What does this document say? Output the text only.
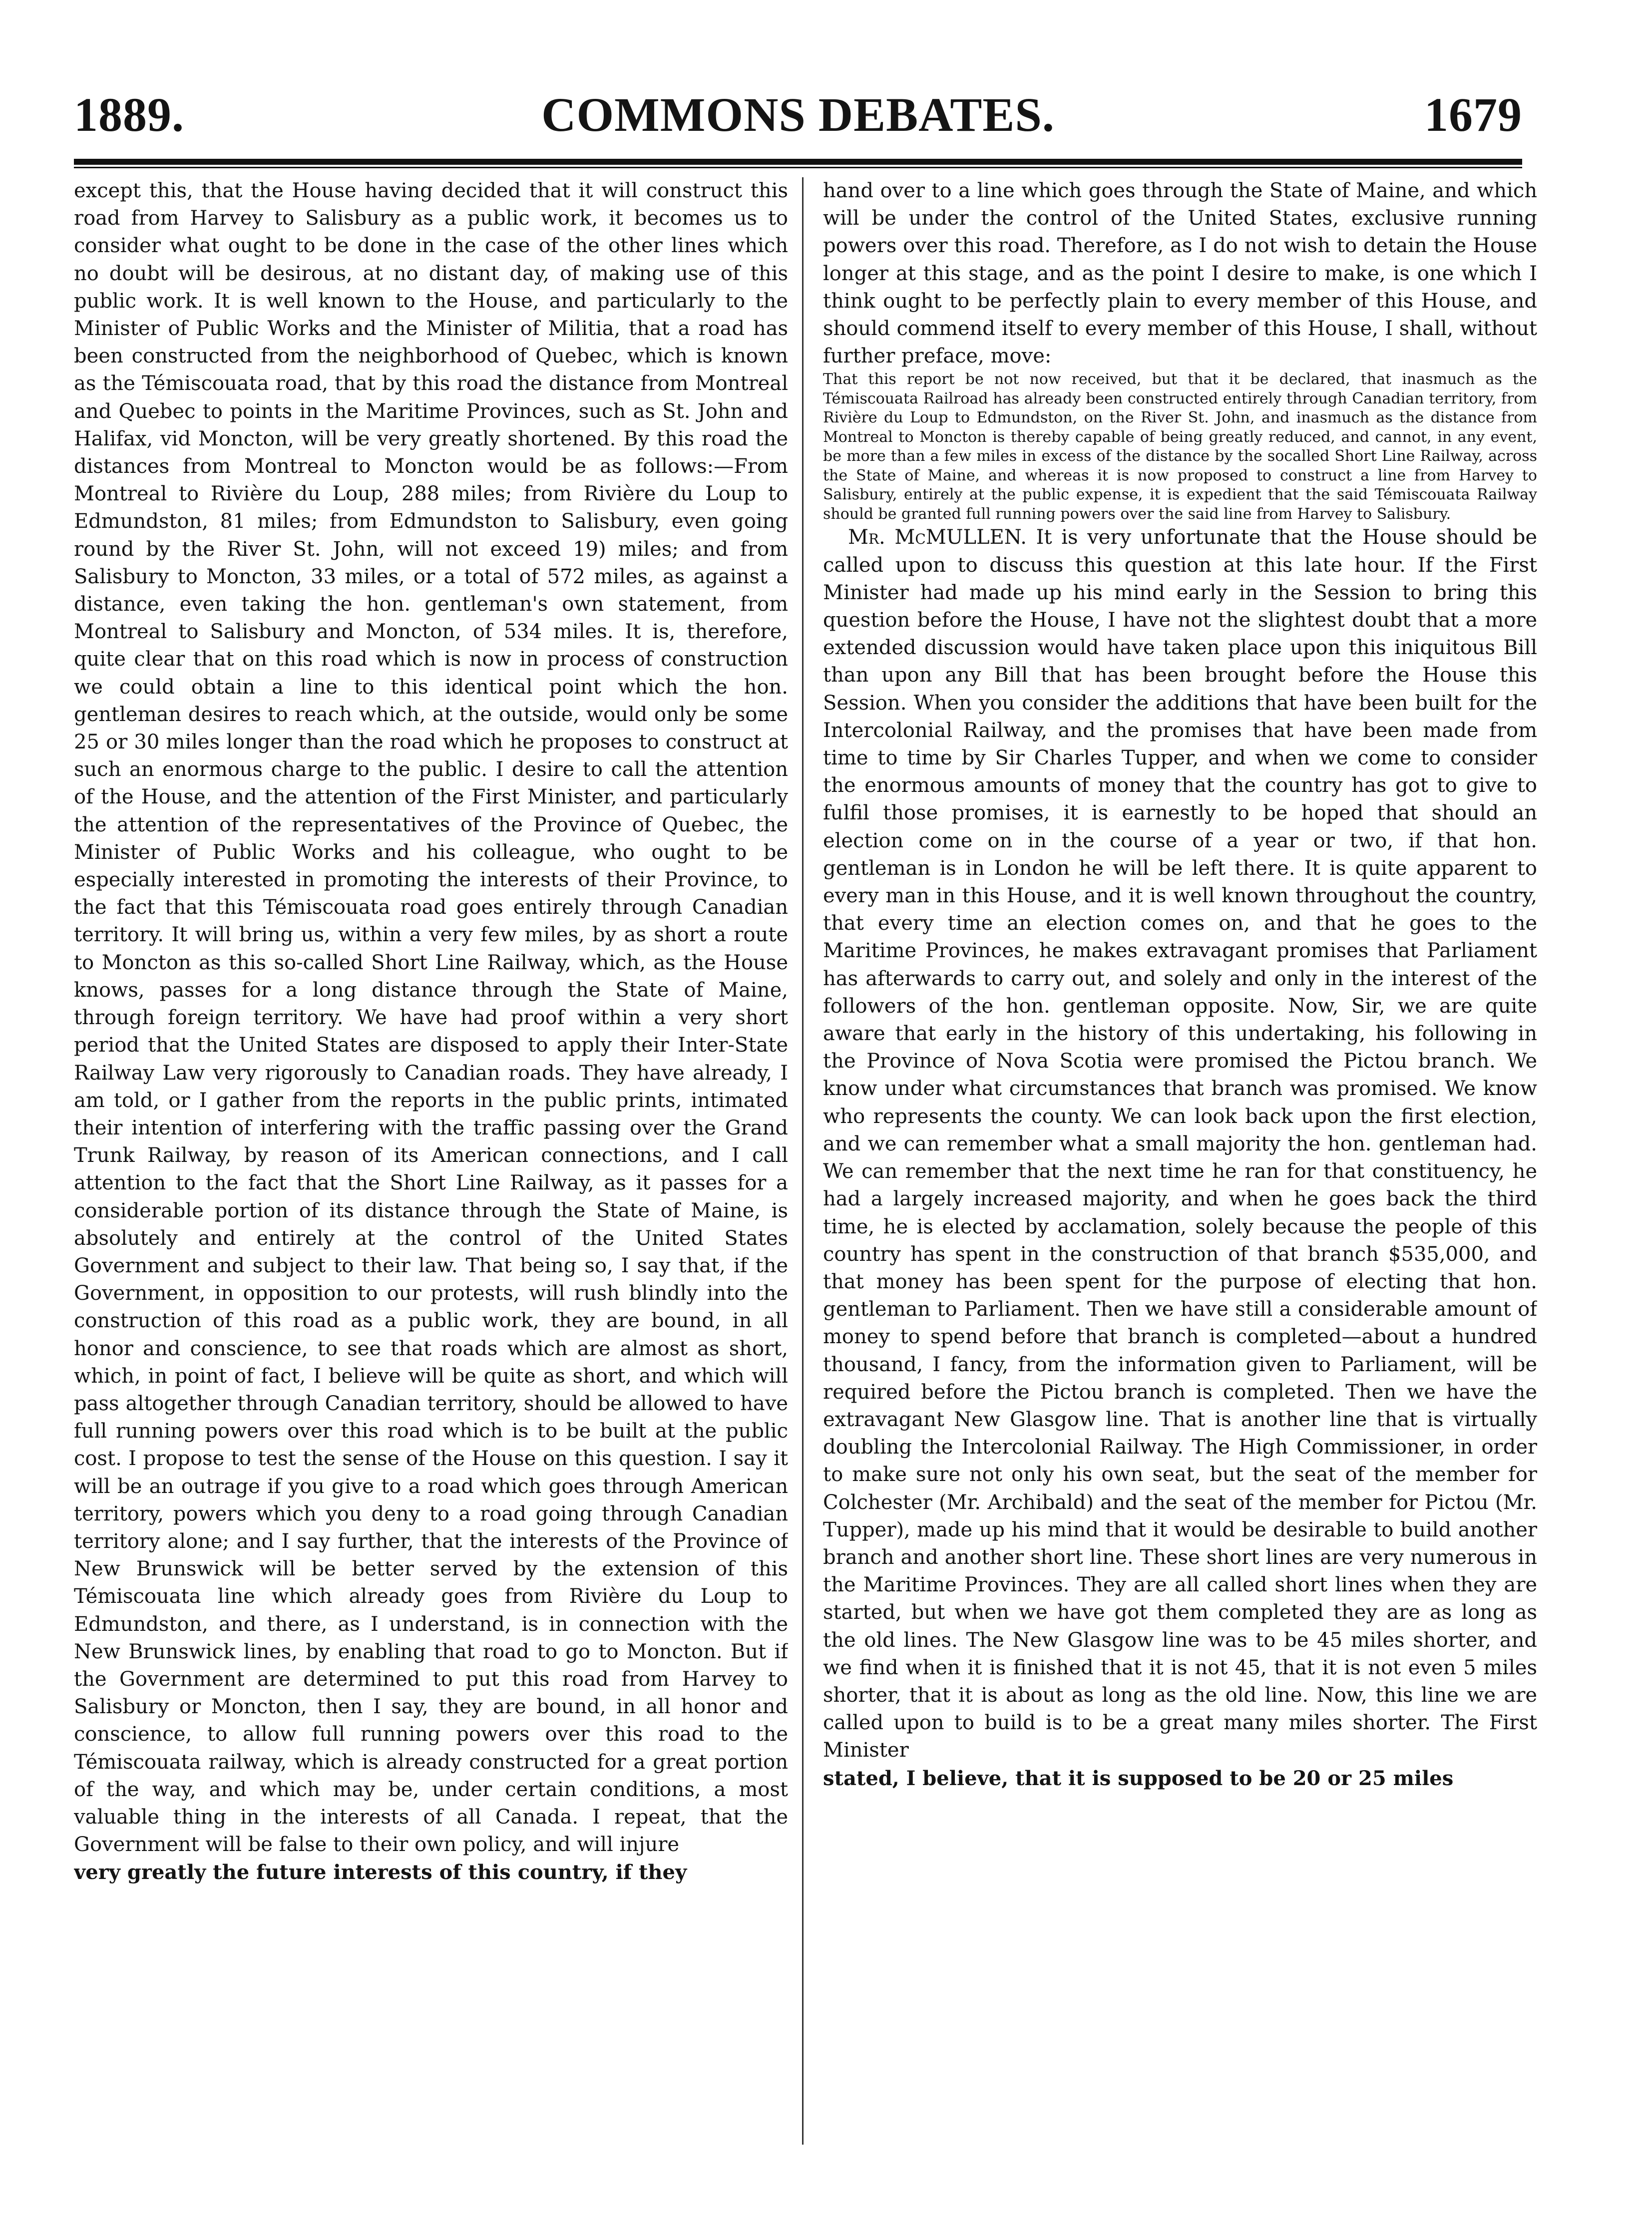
1889.	COMMONS DEBATES.	1679

except this, that the House having decided that it will construct this road from Harvey to Salisbury as a public work, it becomes us to consider what ought to be done in the case of the other lines which no doubt will be desirous, at no distant day, of making use of this public work. It is well known to the House, and particularly to the Minister of Public Works and the Minister of Militia, that a road has been constructed from the neighborhood of Quebec, which is known as the Témiscouata road, that by this road the distance from Montreal and Quebec to points in the Maritime Provinces, such as St. John and Halifax, vid Moncton, will be very greatly shortened. By this road the distances from Montreal to Moncton would be as follows:—From Montreal to Rivière du Loup, 288 miles; from Rivière du Loup to Edmundston, 81 miles; from Edmundston to Salisbury, even going round by the River St. John, will not exceed 19) miles; and from Salisbury to Moncton, 33 miles, or a total of 572 miles, as against a distance, even taking the hon. gentleman's own statement, from Montreal to Salisbury and Moncton, of 534 miles. It is, therefore, quite clear that on this road which is now in process of construction we could obtain a line to this identical point which the hon. gentleman desires to reach which, at the outside, would only be some 25 or 30 miles longer than the road which he proposes to construct at such an enormous charge to the public. I desire to call the attention of the House, and the attention of the First Minister, and particularly the attention of the representatives of the Province of Quebec, the Minister of Public Works and his colleague, who ought to be especially interested in promoting the interests of their Province, to the fact that this Témiscouata road goes entirely through Canadian territory. It will bring us, within a very few miles, by as short a route to Moncton as this so-called Short Line Railway, which, as the House knows, passes for a long distance through the State of Maine, through foreign territory. We have had proof within a very short period that the United States are disposed to apply their Inter-State Railway Law very rigorously to Canadian roads. They have already, I am told, or I gather from the reports in the public prints, intimated their intention of interfering with the traffic passing over the Grand Trunk Railway, by reason of its American connections, and I call attention to the fact that the Short Line Railway, as it passes for a considerable portion of its distance through the State of Maine, is absolutely and entirely at the control of the United States Government and subject to their law. That being so, I say that, if the Government, in opposition to our protests, will rush blindly into the construction of this road as a public work, they are bound, in all honor and conscience, to see that roads which are almost as short, which, in point of fact, I believe will be quite as short, and which will pass altogether through Canadian territory, should be allowed to have full running powers over this road which is to be built at the public cost. I propose to test the sense of the House on this question. I say it will be an outrage if you give to a road which goes through American territory, powers which you deny to a road going through Canadian territory alone; and I say further, that the interests of the Province of New Brunswick will be better served by the extension of this Témiscouata line which already goes from Rivière du Loup to Edmundston, and there, as I understand, is in connection with the New Brunswick lines, by enabling that road to go to Moncton. But if the Government are determined to put this road from Harvey to Salisbury or Moncton, then I say, they are bound, in all honor and conscience, to allow full running powers over this road to the Témiscouata railway, which is already constructed for a great portion of the way, and which may be, under certain conditions, a most valuable thing in the interests of all Canada. I repeat, that the Government will be false to their own policy, and will injure

very greatly the future interests of this country, if they

hand over to a line which goes through the State of Maine, and which will be under the control of the United States, exclusive running powers over this road. Therefore, as I do not wish to detain the House longer at this stage, and as the point I desire to make, is one which I think ought to be perfectly plain to every member of this House, and should commend itself to every member of this House, I shall, without further preface, move:

That this report be not now received, but that it be declared, that inasmuch as the Témiscouata Railroad has already been constructed entirely through Canadian territory, from Rivière du Loup to Edmundston, on the River St. John, and inasmuch as the distance from Montreal to Moncton is thereby capable of being greatly reduced, and cannot, in any event, be more than a few miles in excess of the distance by the socalled Short Line Railway, across the State of Maine, and whereas it is now proposed to construct a line from Harvey to Salisbury, entirely at the public expense, it is expedient that the said Témiscouata Railway should be granted full running powers over the said line from Harvey to Salisbury.

Mr. McMULLEN. It is very unfortunate that the House should be called upon to discuss this question at this late hour. If the First Minister had made up his mind early in the Session to bring this question before the House, I have not the slightest doubt that a more extended discussion would have taken place upon this iniquitous Bill than upon any Bill that has been brought before the House this Session. When you consider the additions that have been built for the Intercolonial Railway, and the promises that have been made from time to time by Sir Charles Tupper, and when we come to consider the enormous amounts of money that the country has got to give to fulfil those promises, it is earnestly to be hoped that should an election come on in the course of a year or two, if that hon. gentleman is in London he will be left there. It is quite apparent to every man in this House, and it is well known throughout the country, that every time an election comes on, and that he goes to the Maritime Provinces, he makes extravagant promises that Parliament has afterwards to carry out, and solely and only in the interest of the followers of the hon. gentleman opposite. Now, Sir, we are quite aware that early in the history of this undertaking, his following in the Province of Nova Scotia were promised the Pictou branch. We know under what circumstances that branch was promised. We know who represents the county. We can look back upon the first election, and we can remember what a small majority the hon. gentleman had. We can remember that the next time he ran for that constituency, he had a largely increased majority, and when he goes back the third time, he is elected by acclamation, solely because the people of this country has spent in the construction of that branch $535,000, and that money has been spent for the purpose of electing that hon. gentleman to Parliament. Then we have still a considerable amount of money to spend before that branch is completed—about a hundred thousand, I fancy, from the information given to Parliament, will be required before the Pictou branch is completed. Then we have the extravagant New Glasgow line. That is another line that is virtually doubling the Intercolonial Railway. The High Commissioner, in order to make sure not only his own seat, but the seat of the member for Colchester (Mr. Archibald) and the seat of the member for Pictou (Mr. Tupper), made up his mind that it would be desirable to build another branch and another short line. These short lines are very numerous in the Maritime Provinces. They are all called short lines when they are started, but when we have got them completed they are as long as the old lines. The New Glasgow line was to be 45 miles shorter, and we find when it is finished that it is not 45, that it is not even 5 miles shorter, that it is about as long as the old line. Now, this line we are called upon to build is to be a great many miles shorter. The First Minister

stated, I believe, that it is supposed to be 20 or 25 miles
